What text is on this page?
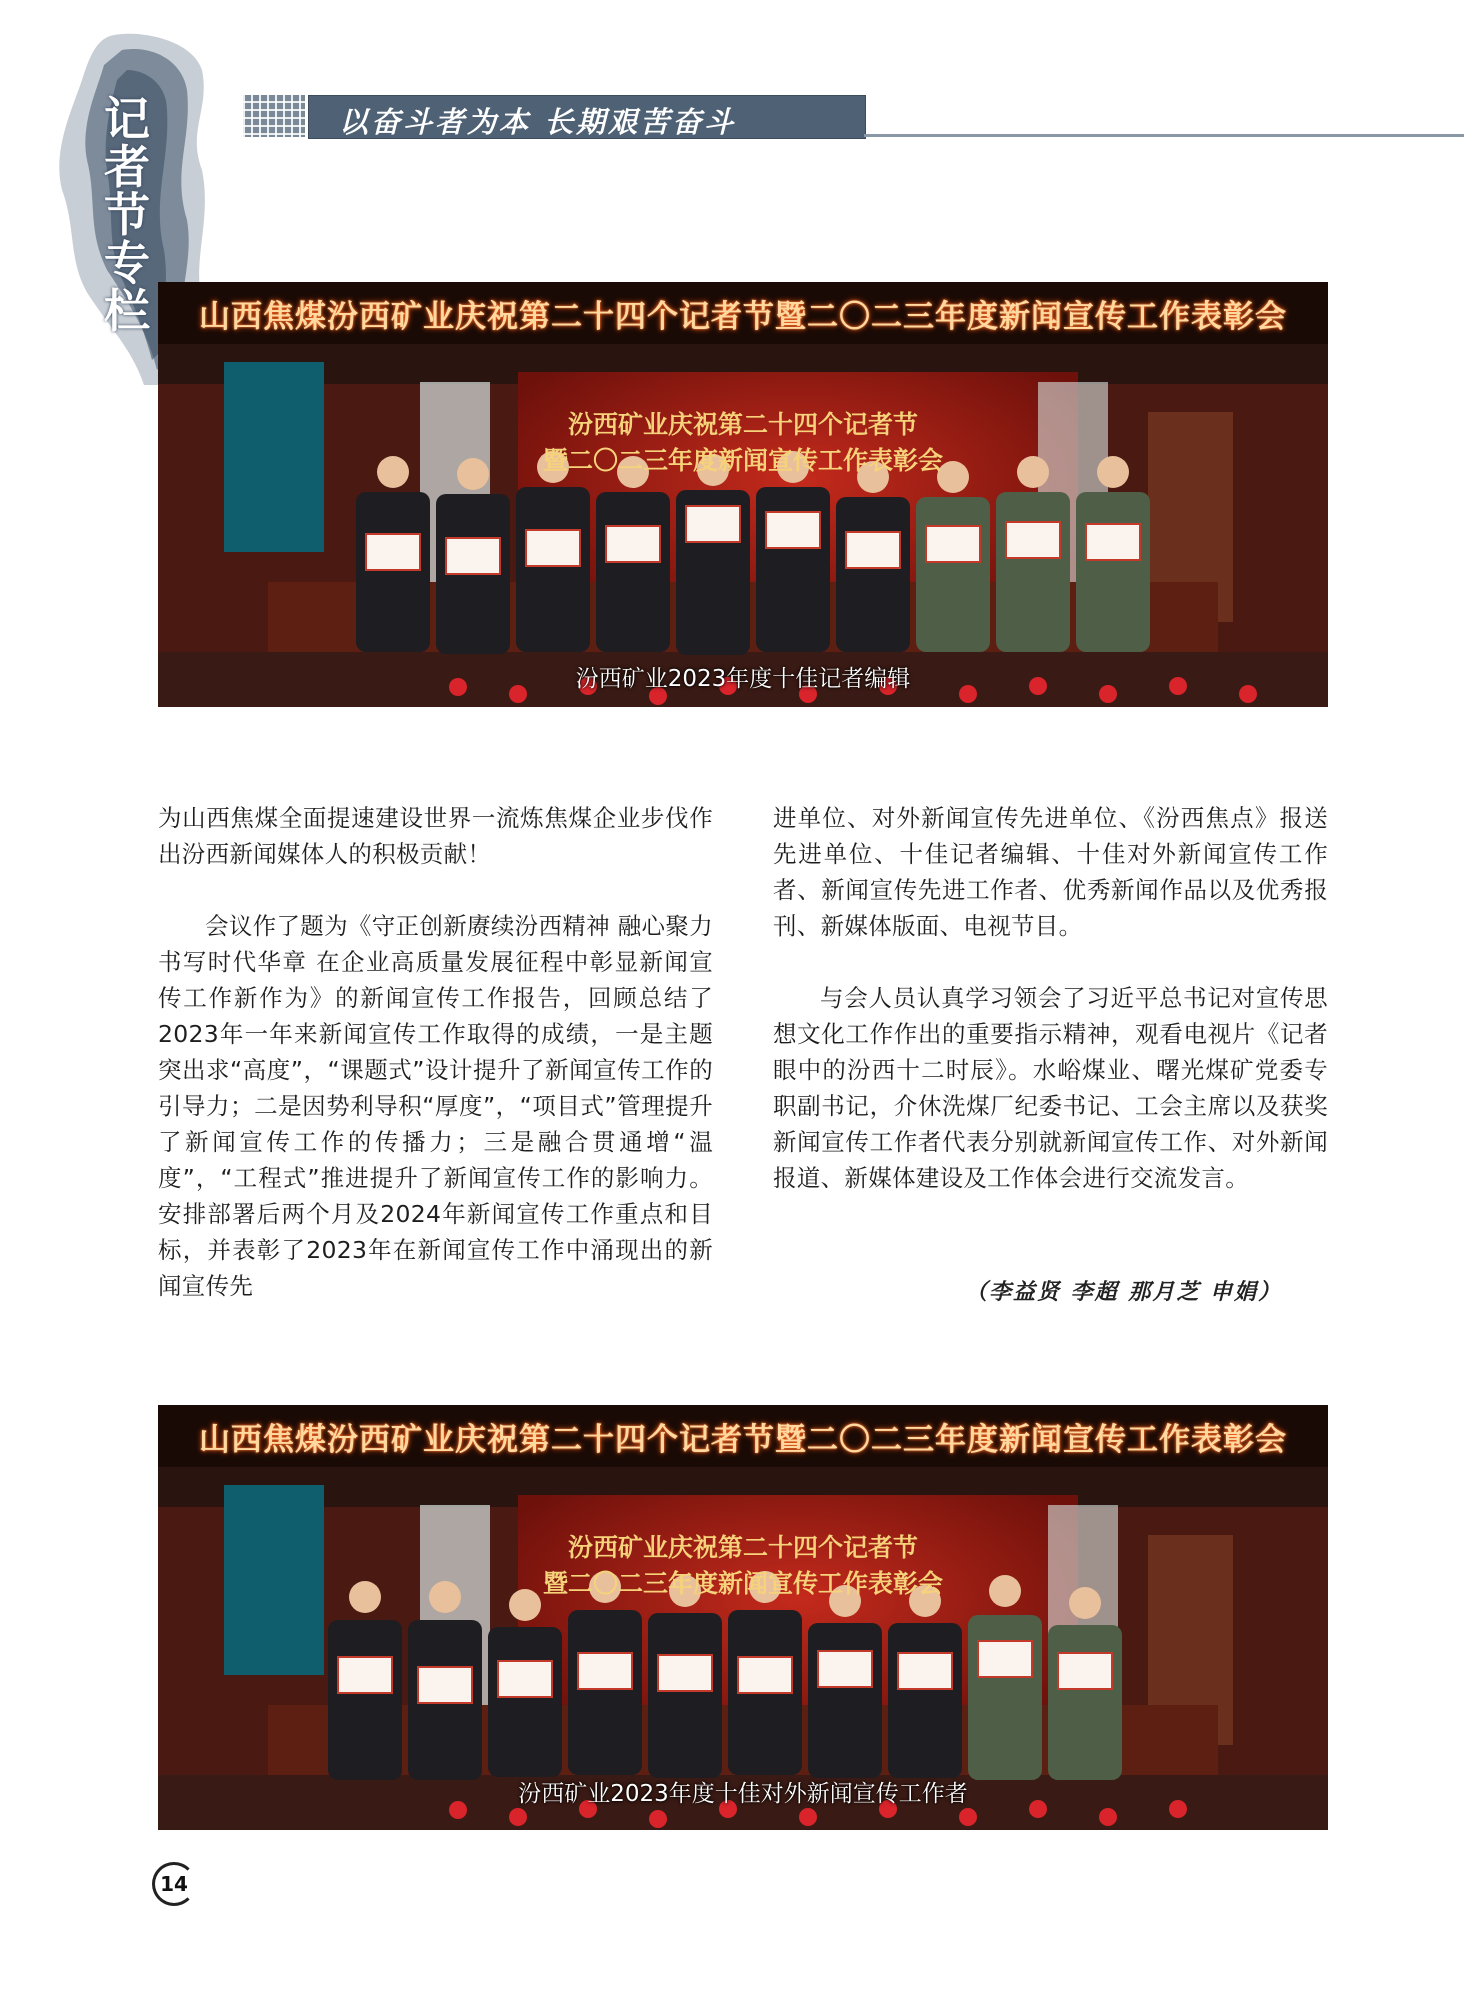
记
者
节
专
栏
以奋斗者为本 长期艰苦奋斗
山西焦煤汾西矿业庆祝第二十四个记者节暨二〇二三年度新闻宣传工作表彰会
汾西矿业庆祝第二十四个记者节
暨二〇二三年度新闻宣传工作表彰会
汾西矿业2023年度十佳记者编辑

为山西焦煤全面提速建设世界一流炼焦煤企业步伐作出汾西新闻媒体人的积极贡献！

会议作了题为《守正创新赓续汾西精神 融心聚力书写时代华章 在企业高质量发展征程中彰显新闻宣传工作新作为》的新闻宣传工作报告，回顾总结了2023年一年来新闻宣传工作取得的成绩，一是主题突出求“高度”，“课题式”设计提升了新闻宣传工作的引导力；二是因势利导积“厚度”，“项目式”管理提升了新闻宣传工作的传播力；三是融合贯通增“温度”，“工程式”推进提升了新闻宣传工作的影响力。安排部署后两个月及2024年新闻宣传工作重点和目标，并表彰了2023年在新闻宣传工作中涌现出的新闻宣传先

进单位、对外新闻宣传先进单位、《汾西焦点》报送先进单位、十佳记者编辑、十佳对外新闻宣传工作者、新闻宣传先进工作者、优秀新闻作品以及优秀报刊、新媒体版面、电视节目。

与会人员认真学习领会了习近平总书记对宣传思想文化工作作出的重要指示精神，观看电视片《记者眼中的汾西十二时辰》。水峪煤业、曙光煤矿党委专职副书记，介休洗煤厂纪委书记、工会主席以及获奖新闻宣传工作者代表分别就新闻宣传工作、对外新闻报道、新媒体建设及工作体会进行交流发言。

（李益贤 李超 那月芝 申娟）
山西焦煤汾西矿业庆祝第二十四个记者节暨二〇二三年度新闻宣传工作表彰会
汾西矿业庆祝第二十四个记者节
暨二〇二三年度新闻宣传工作表彰会
汾西矿业2023年度十佳对外新闻宣传工作者
14
